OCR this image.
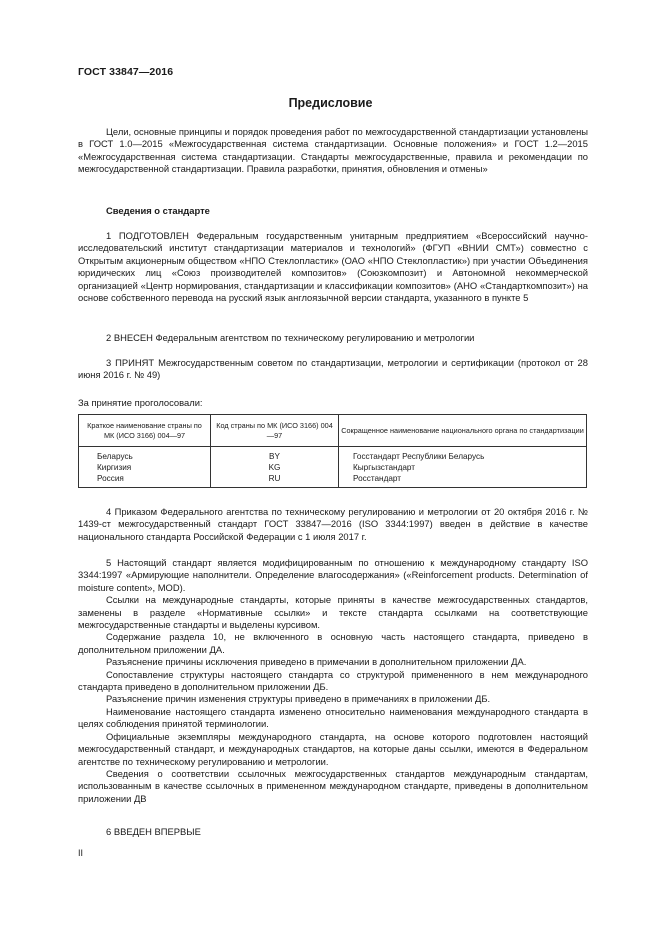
ГОСТ 33847—2016
Предисловие

Цели, основные принципы и порядок проведения работ по межгосударственной стандартизации установлены в ГОСТ 1.0—2015 «Межгосударственная система стандартизации. Основные положения» и ГОСТ 1.2—2015 «Межгосударственная система стандартизации. Стандарты межгосударственные, правила и рекомендации по межгосударственной стандартизации. Правила разработки, принятия, обновления и отмены»

Сведения о стандарте

1 ПОДГОТОВЛЕН Федеральным государственным унитарным предприятием «Всероссийский научно-исследовательский институт стандартизации материалов и технологий» (ФГУП «ВНИИ СМТ») совместно с Открытым акционерным обществом «НПО Стеклопластик» (ОАО «НПО Стеклопластик») при участии Объединения юридических лиц «Союз производителей композитов» (Союзкомпозит) и Автономной некоммерческой организацией «Центр нормирования, стандартизации и классификации композитов» (АНО «Стандарткомпозит») на основе собственного перевода на русский язык англоязычной версии стандарта, указанного в пункте 5

2 ВНЕСЕН Федеральным агентством по техническому регулированию и метрологии

3 ПРИНЯТ Межгосударственным советом по стандартизации, метрологии и сертификации (протокол от 28 июня 2016 г. № 49)

За принятие проголосовали:
Краткое наименование страны по МК (ИСО 3166) 004—97	Код страны по МК (ИСО 3166) 004—97	Сокращенное наименование национального органа по стандартизации
Беларусь	BY	Госстандарт Республики Беларусь
Киргизия	KG	Кыргызстандарт
Россия	RU	Росстандарт

4 Приказом Федерального агентства по техническому регулированию и метрологии от 20 октября 2016 г. № 1439-ст межгосударственный стандарт ГОСТ 33847—2016 (ISO 3344:1997) введен в действие в качестве национального стандарта Российской Федерации с 1 июля 2017 г.

5 Настоящий стандарт является модифицированным по отношению к международному стандарту ISO 3344:1997 «Армирующие наполнители. Определение влагосодержания» («Reinforcement products. Determination of moisture content», MOD).

Ссылки на международные стандарты, которые приняты в качестве межгосударственных стандартов, заменены в разделе «Нормативные ссылки» и тексте стандарта ссылками на соответствующие межгосударственные стандарты и выделены курсивом.

Содержание раздела 10, не включенного в основную часть настоящего стандарта, приведено в дополнительном приложении ДА.

Разъяснение причины исключения приведено в примечании в дополнительном приложении ДА.

Сопоставление структуры настоящего стандарта со структурой примененного в нем международного стандарта приведено в дополнительном приложении ДБ.

Разъяснение причин изменения структуры приведено в примечаниях в приложении ДБ.

Наименование настоящего стандарта изменено относительно наименования международного стандарта в целях соблюдения принятой терминологии.

Официальные экземпляры международного стандарта, на основе которого подготовлен настоящий межгосударственный стандарт, и международных стандартов, на которые даны ссылки, имеются в Федеральном агентстве по техническому регулированию и метрологии.

Сведения о соответствии ссылочных межгосударственных стандартов международным стандартам, использованным в качестве ссылочных в примененном международном стандарте, приведены в дополнительном приложении ДВ

6 ВВЕДЕН ВПЕРВЫЕ

II
